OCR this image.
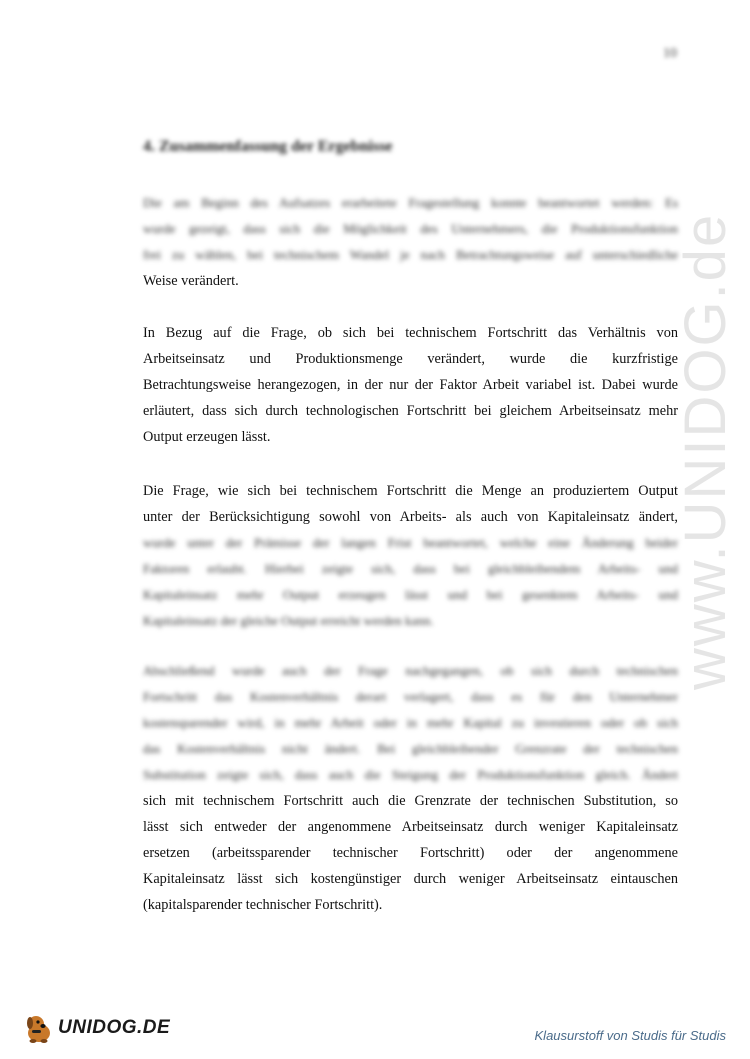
10
4. Zusammenfassung der Ergebnisse
www.UNIDOG.de
Die am Beginn des Aufsatzes erarbeitete Fragestellung konnte beantwortet werden: Es
wurde gezeigt, dass sich die Möglichkeit des Unternehmers, die Produktionsfunktion
frei zu wählen, bei technischem Wandel je nach Betrachtungsweise auf unterschiedliche
Weise verändert.
In Bezug auf die Frage, ob sich bei technischem Fortschritt das Verhältnis von
Arbeitseinsatz und Produktionsmenge verändert, wurde die kurzfristige
Betrachtungsweise herangezogen, in der nur der Faktor Arbeit variabel ist. Dabei wurde
erläutert, dass sich durch technologischen Fortschritt bei gleichem Arbeitseinsatz mehr
Output erzeugen lässt.
Die Frage, wie sich bei technischem Fortschritt die Menge an produziertem Output
unter der Berücksichtigung sowohl von Arbeits- als auch von Kapitaleinsatz ändert,
wurde unter der Prämisse der langen Frist beantwortet, welche eine Änderung beider
Faktoren erlaubt. Hierbei zeigte sich, dass bei gleichbleibendem Arbeits- und
Kapitaleinsatz mehr Output erzeugen lässt und bei gesenktem Arbeits- und
Kapitaleinsatz der gleiche Output erreicht werden kann.
Abschließend wurde auch der Frage nachgegangen, ob sich durch technischen
Fortschritt das Kostenverhältnis derart verlagert, dass es für den Unternehmer
kostensparender wird, in mehr Arbeit oder in mehr Kapital zu investieren oder ob sich
das Kostenverhältnis nicht ändert. Bei gleichbleibender Grenzrate der technischen
Substitution zeigte sich, dass auch die Steigung der Produktionsfunktion gleich. Ändert
sich mit technischem Fortschritt auch die Grenzrate der technischen Substitution, so
lässt sich entweder der angenommene Arbeitseinsatz durch weniger Kapitaleinsatz
ersetzen (arbeitssparender technischer Fortschritt) oder der angenommene
Kapitaleinsatz lässt sich kostengünstiger durch weniger Arbeitseinsatz eintauschen
(kapitalsparender technischer Fortschritt).
UNIDOG.DE	Klausurstoff von Studis für Studis
